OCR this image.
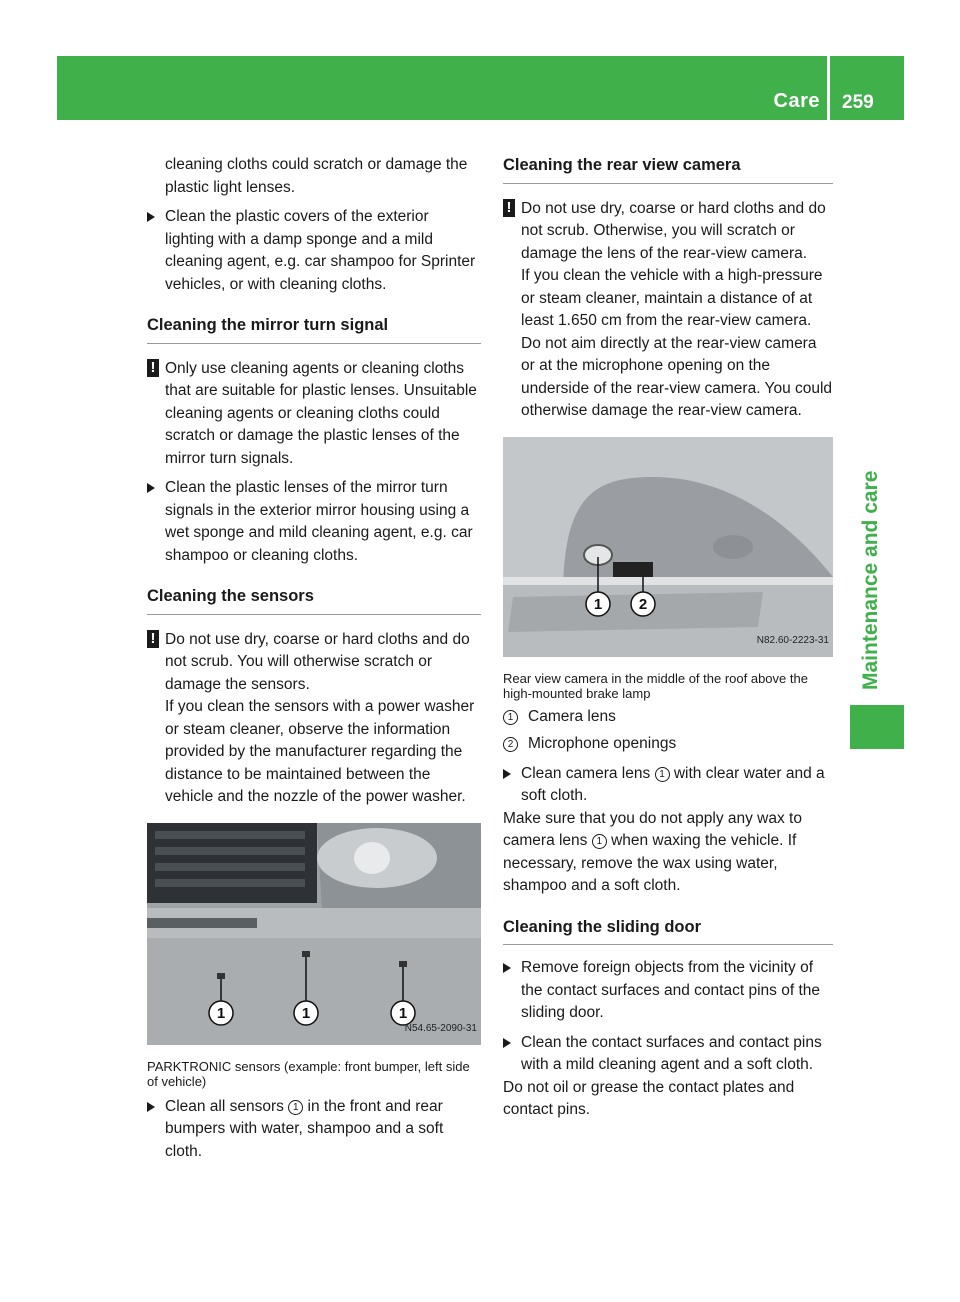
Care 259
Maintenance and care

cleaning cloths could scratch or damage the plastic light lenses.

Clean the plastic covers of the exterior lighting with a damp sponge and a mild cleaning agent, e.g. car shampoo for Sprinter vehicles, or with cleaning cloths.
Cleaning the mirror turn signal
! Only use cleaning agents or cleaning cloths that are suitable for plastic lenses. Unsuitable cleaning agents or cleaning cloths could scratch or damage the plastic lenses of the mirror turn signals.
Clean the plastic lenses of the mirror turn signals in the exterior mirror housing using a wet sponge and mild cleaning agent, e.g. car shampoo or cleaning cloths.
Cleaning the sensors
! Do not use dry, coarse or hard cloths and do not scrub. You will otherwise scratch or damage the sensors.

If you clean the sensors with a power washer or steam cleaner, observe the information provided by the manufacturer regarding the distance to be maintained between the vehicle and the nozzle of the power washer.

1	1	1
N54.65-2090-31
PARKTRONIC sensors (example: front bumper, left side of vehicle)
Clean all sensors 1 in the front and rear bumpers with water, shampoo and a soft cloth.
Cleaning the rear view camera
! Do not use dry, coarse or hard cloths and do not scrub. Otherwise, you will scratch or damage the lens of the rear-view camera.

If you clean the vehicle with a high-pressure or steam cleaner, maintain a distance of at least 1.650 cm from the rear-view camera. Do not aim directly at the rear-view camera or at the microphone opening on the underside of the rear-view camera. You could otherwise damage the rear-view camera.

1 2
N82.60-2223-31
Rear view camera in the middle of the roof above the high-mounted brake lamp
1 Camera lens
2 Microphone openings
Clean camera lens 1 with clear water and a soft cloth.

Make sure that you do not apply any wax to camera lens 1 when waxing the vehicle. If necessary, remove the wax using water, shampoo and a soft cloth.

Cleaning the sliding door
Remove foreign objects from the vicinity of the contact surfaces and contact pins of the sliding door.
Clean the contact surfaces and contact pins with a mild cleaning agent and a soft cloth.

Do not oil or grease the contact plates and contact pins.
